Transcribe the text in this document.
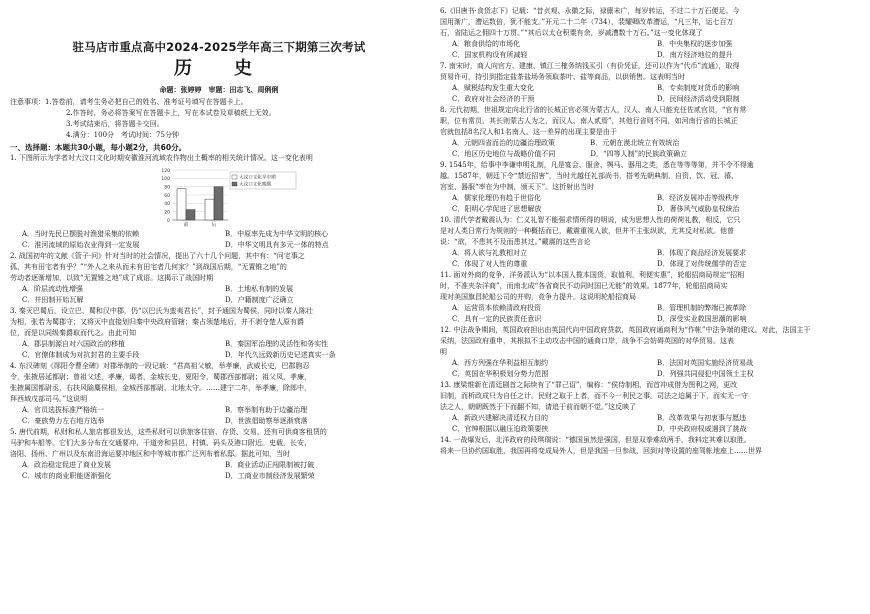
驻马店市重点高中2024-2025学年高三下期第三次考试
历　史
命题：张婷婷　审题：田志飞、周俐俐
注意事项：1.答卷前，请考生务必把自己的姓名、准考证号填写在答题卡上。
2.作答时，务必将答案写在答题卡上，写在本试卷及草稿纸上无效。
3.考试结束后，将答题卡交回。
4.满分：100分　考试时间：75分钟
一、选择题：本题共30小题，每小题2分，共60分。
1. 下图所示为学者对大汶口文化时期安徽淮河流域农作物出土概率的相关统计情况。这一变化表明
0
20
40
60
80
100
120
前	后
大汶口文化早中期
大汶口文化晚期
A．当时先民已摆脱对渔猎采集的依赖	B．中原率先成为中华文明的核心
C．淮河流域的原始农业得到一定发展	D．中华文明具有多元一体的特点
2. 战国初年的文献《管子·问》针对当时的社会情况，提出了六十几个问题，其中有：“问宅事之
孤，其有田宅者有乎？”“外人之来从而未有田宅者几何家？”到战国后期，“无置锥之地”的
劳动者逐渐增加，以致“无置锥之地”成了成语。这揭示了战国时期
A．阶层流动性增强	B．土地私有制的发展
C．井田制开始瓦解	D．户籍制度广泛确立
3. 秦灭巴蜀后，设立巴、蜀和汉中郡，仍“以巴氏为蛮夷君长”，封予通国为蜀侯，同时以秦人陈壮
为相，张若为蜀郡守；又将灭中直接划归秦中央政府管辖；秦占领楚地后，并不剥夺楚人原有爵
位，而是以同级秦爵取而代之。由此可知
A．郡县制源自对六国政治的移植	B．秦国军治理的灵活性和务实性
C．官僚体制成为对抗封君的主要手段	D．年代久远致新历史记述真实一条
4. 东汉碑刻《郧阳令曹全碑》对郡举制的一段记载：“君高祖父敏，举孝廉，武威长史，巴郡朐忍
令，张掖居延都尉；曾祖父述，孝廉，谒者，金城长史，夏阳令，蜀郡西部都尉；祖父凤，孝廉，
张掖属国都尉丞，右扶风隃麋侯相，金城西部都尉，北地太守。……建宁二年，举孝廉，除郎中，
拜西域戊部司马。”这说明
A．官员选拔标准严格统一	B．察举制有助于边疆治理
C．豪族势力左右地方选举	D．世族倡助察举逐渐衰落
5. 唐代前期，私财和私人旅店都很发达，这些私财可以供旅客住宿、存货、交易，还有可供商客租赁的
马驴和车船等。它们大多分布在交通要冲、干道旁和县邑、村镇、码头及港口附近。史载，长安、
洛阳、扬州、广州以及东南沿海运要冲地区和中等城市都广泛列布着私邸。据此可知，当时
A．政治稳定促进了商业发展	B．商业活动正闯限制被打破
C．城市的商业职能逐渐强化	D．工商业市制经济发展繁荣
6.《旧唐书·食货志下》记载：“昔贞观、永徽之际，禄廪未广，每岁转运，不过二十万石便足。今
国用渐广，漕运数倍，犹不能支。”开元二十二年（734），裴耀卿改革漕运，“凡三年，运七百万
石，省陆运之佣四十万贯。”“其后以太仓积粟有余，岁减漕数十万石。”这一变化体现了
A．粮食供给的市场化	B．中央集权的逐步加强
C．国家机构设有所减轻	D．南方经济地位的提升
7. 南宋时，商人向官方、建康、镇江三榷务纳钱买引（有价凭证，还可以作为“代币”流通），取得
贸易许可，持引到指定盐茶盐场务领取茶叶、盐等商品，以供销售。这表明当时
A．赋税结构发生重大变化	B．专卖制度对货币的影响
C．政府对社会经济的干预	D．民间经济活动受到限制
8. 元代初期，世祖规定向北行省的长城正官必须为蒙古人，汉人、南人只能充任佐贰官员，“官有常
职，位有常员，其长则蒙古人为之，而汉人、南人贰焉”，其他行省则不同，如河南行省的长城正
官就包括8名汉人和1名南人。这一差异的出现主要是由于
A．元朝四省而治的边疆治理政策　　　　　B．元朝在漠北统立有效统治
C．地区历史地位与战略价值不同　　　　　D．“四等人制”的民族政策确立
9. 1545年，给事中李谦申明礼制，凡是宴会、服舍、舆马、器用之类，悉在等等等第，并不令不得逾
越。1587年，朝廷下令“禁近招害”，当时尤越任礼部尚书，搭考先朝典制，自资、饮、冠、禧、
宫室、器服“率在为中制，颁天下”。这折射出当时
A．儒家伦理仍有趋于世俗化	B．经济发展冲击等级秩序
C．阳明心学促进了思想解放	D．奢侈风气威胁皇权统治
10. 清代学者戴震认为：仁义礼智不能强求情所得的明说，成为思想人性的荷荷礼教，相反，它只
是对人类日常行为规则的一种概括而已，戴震重视人欲，但并不主张纵欲，尤其反对私欲。他曾
说：“欲，不患其不及而患其过。”戴震的这些言论
A．将人欲与礼教相对立	B．体现了商品经济发展要求
C．体现了对人性的尊重	D．体现了对传统儒学的否定
11. 面对外商的竞争，洋务派认为“以本国人揽本国货，取值利，利便实惠”，轮船招商局规定“招相
时，不准夹杂洋商”，而南北成“各省商民不动同时国已无能”的效果。1877年，轮船招商局实
现对美国旗昌轮船公司的并购，竞争力提升。这说明轮船招商局
A．运营资本依赖清政府投资	B．管理机制的弊端已被革除
C．具有一定的民族责任意识	D．深受实业救国思潮的影响
12. 中法战争期间，英国政府担出由英国代向中国政府贷款，英国政府通商利为“作帐”中法争端的建议。对此，法国主干
采纳，法国政府重申，其根拟不主动攻击中国的通商口岸，战争不会妨碍英国的对华贸易。这表
明
A．西方列强在华利益相互制约	B．法国对英国实施经济贸易战
C．英国在华积极划分势力范围	D．列强共同侵犯中国领土主权
13. 康梁维新在清廷剧首之际续有了“罪己诏”，编称：“侯侍制相，而首冲成借为图利之网，更改
旧制，而析政成只为自任之计。民财之取于上者，而不今一利民之事。司法之迫属于下，而实无一守
法之人，朝朝既然于下而翻不知，请追于前而朝不觉。”这反映了
A．新政兴建解决清廷权力目的	B．改革效果与初衷事与愿违
C．官绅根据以融压迫政策要挟	D．中央政府权威遇到了挑战
14. 一战爆发后，北洋政府的段琪瑞说：“德国虽然是强国，但是双拳难敌两手，我料定其难以取胜。
将来一旦协约国取胜，我国再将变成局外人，但是我国一旦参战，回到对等设置的座驾帐地座上……世界
